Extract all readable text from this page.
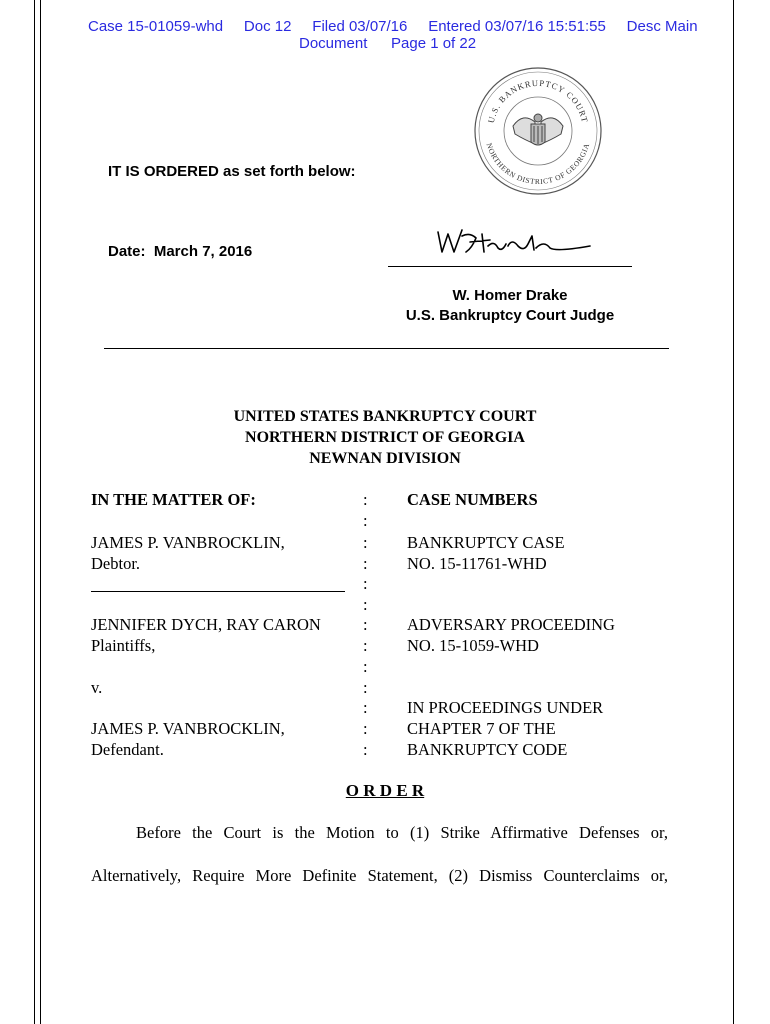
Case 15-01059-whd     Doc 12     Filed 03/07/16     Entered 03/07/16 15:51:55     Desc Main
Document Page 1 of 22
U.S. BANKRUPTCY COURT
NORTHERN DISTRICT OF GEORGIA
IT IS ORDERED as set forth below:
Date:  March 7, 2016
W. Homer Drake
U.S. Bankruptcy Court Judge
UNITED STATES BANKRUPTCY COURT
NORTHERN DISTRICT OF GEORGIA
NEWNAN DIVISION
IN THE MATTER OF:
JAMES P. VANBROCKLIN,
Debtor.
JENNIFER DYCH, RAY CARON
Plaintiffs,
v.
JAMES P. VANBROCKLIN,
Defendant.
:
:
:
:
:
:
:
:
:
:
:
:
:
CASE NUMBERS
BANKRUPTCY CASE
NO. 15-11761-WHD
ADVERSARY PROCEEDING
NO. 15-1059-WHD
IN PROCEEDINGS UNDER
CHAPTER 7 OF THE
BANKRUPTCY CODE
O R D E R
Before the Court is the Motion to (1) Strike Affirmative Defenses or,
Alternatively, Require More Definite Statement, (2) Dismiss Counterclaims or,
